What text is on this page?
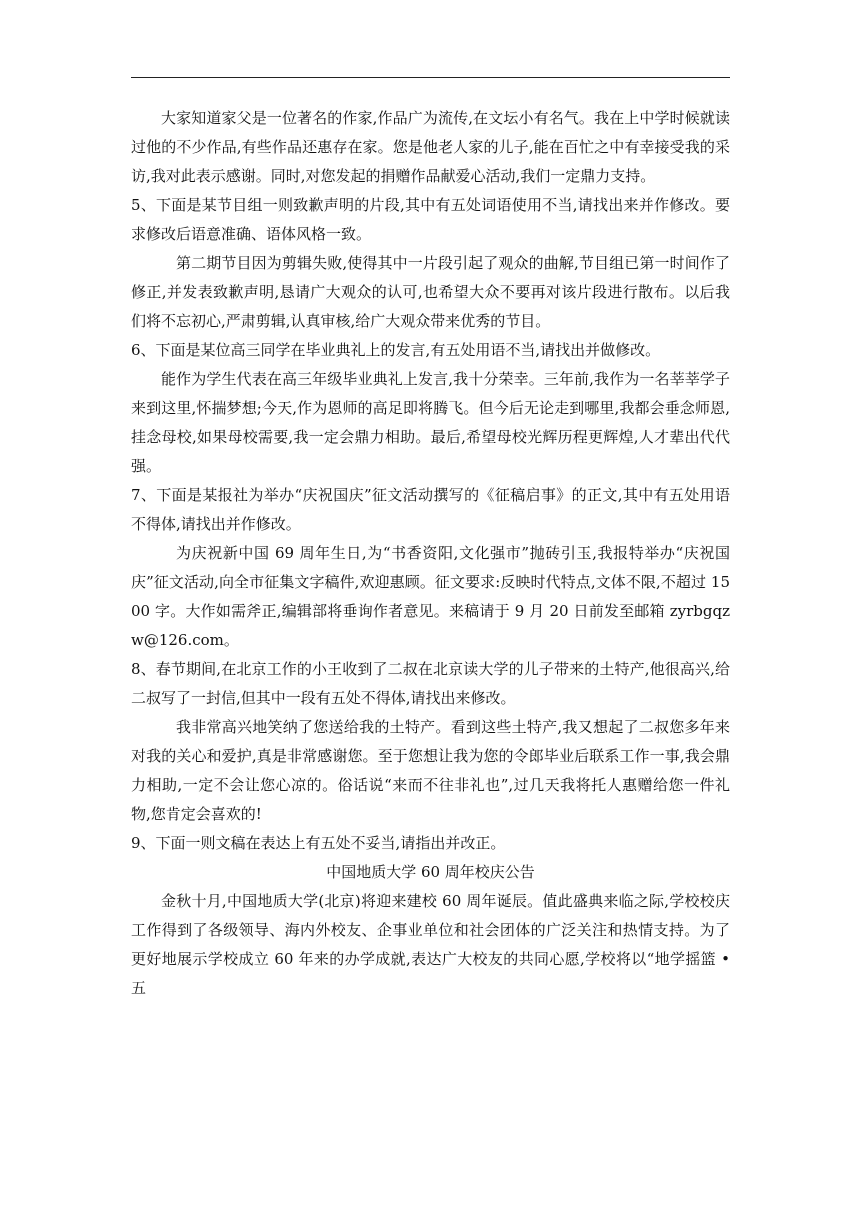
大家知道家父是一位著名的作家,作品广为流传,在文坛小有名气。我在上中学时候就读过他的不少作品,有些作品还惠存在家。您是他老人家的儿子,能在百忙之中有幸接受我的采访,我对此表示感谢。同时,对您发起的捐赠作品献爱心活动,我们一定鼎力支持。

5、下面是某节目组一则致歉声明的片段,其中有五处词语使用不当,请找出来并作修改。要求修改后语意准确、语体风格一致。

第二期节目因为剪辑失败,使得其中一片段引起了观众的曲解,节目组已第一时间作了修正,并发表致歉声明,恳请广大观众的认可,也希望大众不要再对该片段进行散布。以后我们将不忘初心,严肃剪辑,认真审核,给广大观众带来优秀的节目。

6、下面是某位高三同学在毕业典礼上的发言,有五处用语不当,请找出并做修改。

能作为学生代表在高三年级毕业典礼上发言,我十分荣幸。三年前,我作为一名莘莘学子来到这里,怀揣梦想;今天,作为恩师的高足即将腾飞。但今后无论走到哪里,我都会垂念师恩,挂念母校,如果母校需要,我一定会鼎力相助。最后,希望母校光辉历程更辉煌,人才辈出代代强。

7、下面是某报社为举办“庆祝国庆”征文活动撰写的《征稿启事》的正文,其中有五处用语不得体,请找出并作修改。

为庆祝新中国 69 周年生日,为“书香资阳,文化强市”抛砖引玉,我报特举办“庆祝国庆”征文活动,向全市征集文字稿件,欢迎惠顾。征文要求:反映时代特点,文体不限,不超过 1500 字。大作如需斧正,编辑部将垂询作者意见。来稿请于 9 月 20 日前发至邮箱 zyrbgqzw@126.com。

8、春节期间,在北京工作的小王收到了二叔在北京读大学的儿子带来的土特产,他很高兴,给二叔写了一封信,但其中一段有五处不得体,请找出来修改。

我非常高兴地笑纳了您送给我的土特产。看到这些土特产,我又想起了二叔您多年来对我的关心和爱护,真是非常感谢您。至于您想让我为您的令郎毕业后联系工作一事,我会鼎力相助,一定不会让您心凉的。俗话说“来而不往非礼也”,过几天我将托人惠赠给您一件礼物,您肯定会喜欢的!

9、下面一则文稿在表达上有五处不妥当,请指出并改正。

中国地质大学 60 周年校庆公告

金秋十月,中国地质大学(北京)将迎来建校 60 周年诞辰。值此盛典来临之际,学校校庆工作得到了各级领导、海内外校友、企事业单位和社会团体的广泛关注和热情支持。为了更好地展示学校成立 60 年来的办学成就,表达广大校友的共同心愿,学校将以“地学摇篮 • 五
